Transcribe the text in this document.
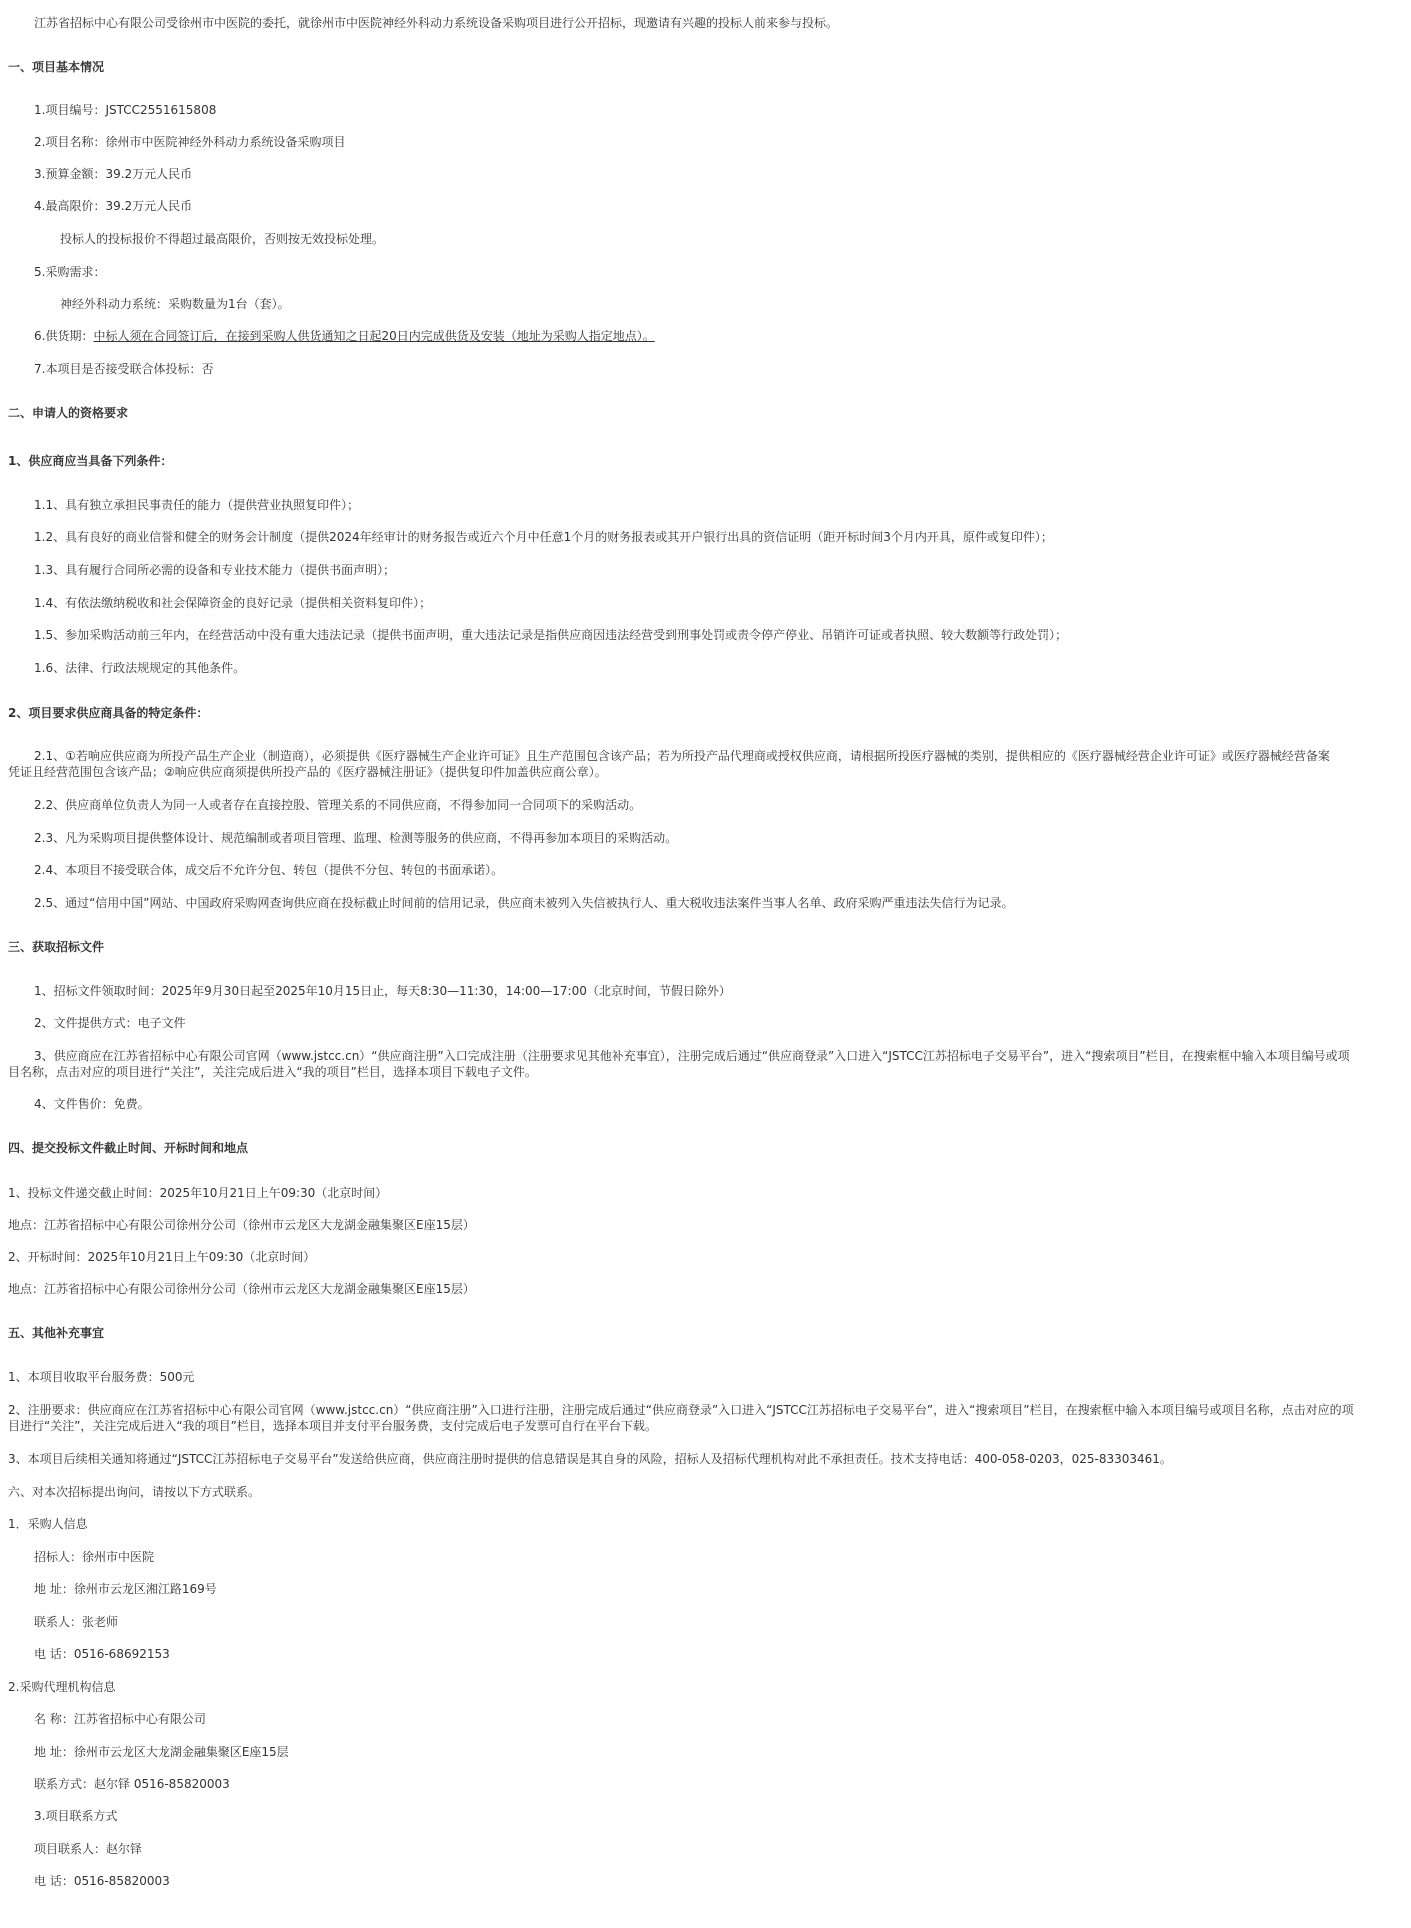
江苏省招标中心有限公司受徐州市中医院的委托，就徐州市中医院神经外科动力系统设备采购项目进行公开招标，现邀请有兴趣的投标人前来参与投标。
一、项目基本情况
1.项目编号：JSTCC2551615808
2.项目名称：徐州市中医院神经外科动力系统设备采购项目
3.预算金额：39.2万元人民币
4.最高限价：39.2万元人民币
投标人的投标报价不得超过最高限价，否则按无效投标处理。
5.采购需求：
神经外科动力系统：采购数量为1台（套）。
6.供货期：中标人须在合同签订后，在接到采购人供货通知之日起20日内完成供货及安装（地址为采购人指定地点）。
7.本项目是否接受联合体投标：否
二、申请人的资格要求
1、供应商应当具备下列条件：
1.1、具有独立承担民事责任的能力（提供营业执照复印件）；
1.2、具有良好的商业信誉和健全的财务会计制度（提供2024年经审计的财务报告或近六个月中任意1个月的财务报表或其开户银行出具的资信证明（距开标时间3个月内开具，原件或复印件）；
1.3、具有履行合同所必需的设备和专业技术能力（提供书面声明）；
1.4、有依法缴纳税收和社会保障资金的良好记录（提供相关资料复印件）；
1.5、参加采购活动前三年内，在经营活动中没有重大违法记录（提供书面声明，重大违法记录是指供应商因违法经营受到刑事处罚或责令停产停业、吊销许可证或者执照、较大数额等行政处罚）；
1.6、法律、行政法规规定的其他条件。
2、项目要求供应商具备的特定条件：
2.1、①若响应供应商为所投产品生产企业（制造商），必须提供《医疗器械生产企业许可证》且生产范围包含该产品；若为所投产品代理商或授权供应商，请根据所投医疗器械的类别，提供相应的《医疗器械经营企业许可证》或医疗器械经营备案
凭证且经营范围包含该产品；②响应供应商须提供所投产品的《医疗器械注册证》（提供复印件加盖供应商公章）。
2.2、供应商单位负责人为同一人或者存在直接控股、管理关系的不同供应商，不得参加同一合同项下的采购活动。
2.3、凡为采购项目提供整体设计、规范编制或者项目管理、监理、检测等服务的供应商，不得再参加本项目的采购活动。
2.4、本项目不接受联合体，成交后不允许分包、转包（提供不分包、转包的书面承诺）。
2.5、通过“信用中国”网站、中国政府采购网查询供应商在投标截止时间前的信用记录，供应商未被列入失信被执行人、重大税收违法案件当事人名单、政府采购严重违法失信行为记录。
三、获取招标文件
1、招标文件领取时间：2025年9月30日起至2025年10月15日止，每天8:30—11:30，14:00—17:00（北京时间，节假日除外）
2、文件提供方式：电子文件
3、供应商应在江苏省招标中心有限公司官网（www.jstcc.cn）“供应商注册”入口完成注册（注册要求见其他补充事宜），注册完成后通过“供应商登录”入口进入“JSTCC江苏招标电子交易平台”，进入“搜索项目”栏目，在搜索框中输入本项目编号或项
目名称，点击对应的项目进行“关注”，关注完成后进入“我的项目”栏目，选择本项目下载电子文件。
4、文件售价：免费。
四、提交投标文件截止时间、开标时间和地点
1、投标文件递交截止时间：2025年10月21日上午09:30（北京时间）
地点：江苏省招标中心有限公司徐州分公司（徐州市云龙区大龙湖金融集聚区E座15层）
2、开标时间：2025年10月21日上午09:30（北京时间）
地点：江苏省招标中心有限公司徐州分公司（徐州市云龙区大龙湖金融集聚区E座15层）
五、其他补充事宜
1、本项目收取平台服务费：500元
2、注册要求：供应商应在江苏省招标中心有限公司官网（www.jstcc.cn）“供应商注册”入口进行注册，注册完成后通过“供应商登录”入口进入“JSTCC江苏招标电子交易平台”，进入“搜索项目”栏目，在搜索框中输入本项目编号或项目名称，点击对应的项
目进行“关注”，关注完成后进入“我的项目”栏目，选择本项目并支付平台服务费，支付完成后电子发票可自行在平台下载。
3、本项目后续相关通知将通过“JSTCC江苏招标电子交易平台”发送给供应商，供应商注册时提供的信息错误是其自身的风险，招标人及招标代理机构对此不承担责任。技术支持电话：400-058-0203，025-83303461。
六、对本次招标提出询问，请按以下方式联系。
1．采购人信息
招标人：徐州市中医院
地 址：徐州市云龙区湘江路169号
联系人：张老师
电 话：0516-68692153
2.采购代理机构信息
名 称：江苏省招标中心有限公司
地 址：徐州市云龙区大龙湖金融集聚区E座15层
联系方式：赵尔铎 0516-85820003
3.项目联系方式
项目联系人：赵尔铎
电 话：0516-85820003
